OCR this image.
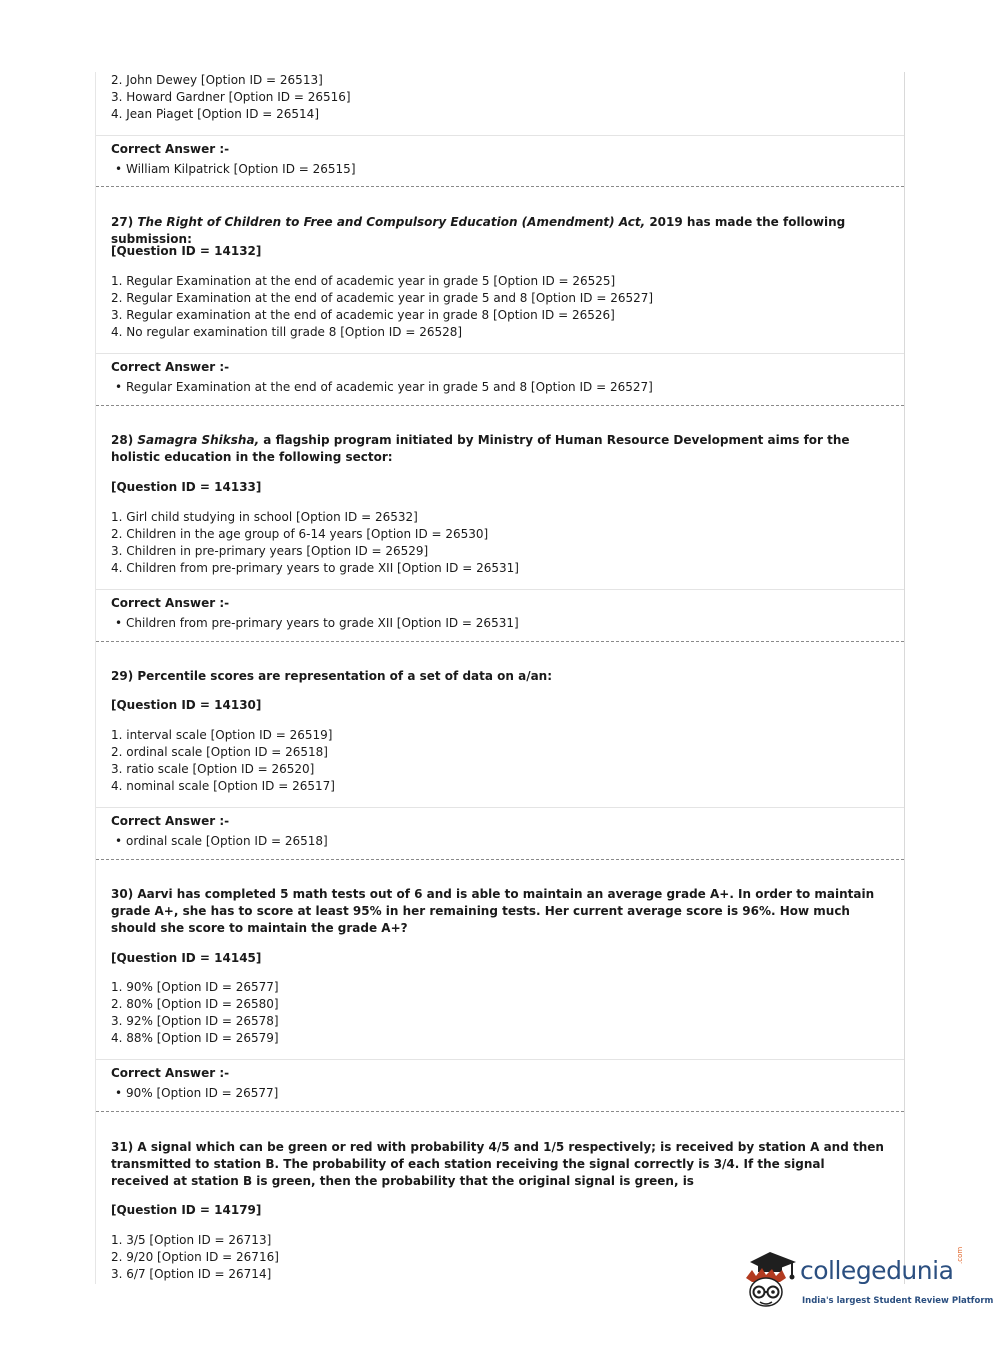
2. John Dewey [Option ID = 26513]
3. Howard Gardner [Option ID = 26516]
4. Jean Piaget [Option ID = 26514]
Correct Answer :-
• William Kilpatrick [Option ID = 26515]
27) The Right of Children to Free and Compulsory Education (Amendment) Act, 2019 has made the following submission:
[Question ID = 14132]
1. Regular Examination at the end of academic year in grade 5 [Option ID = 26525]
2. Regular Examination at the end of academic year in grade 5 and 8 [Option ID = 26527]
3. Regular examination at the end of academic year in grade 8 [Option ID = 26526]
4. No regular examination till grade 8 [Option ID = 26528]
Correct Answer :-
• Regular Examination at the end of academic year in grade 5 and 8 [Option ID = 26527]
28) Samagra Shiksha, a flagship program initiated by Ministry of Human Resource Development aims for the holistic education in the following sector:
[Question ID = 14133]
1. Girl child studying in school [Option ID = 26532]
2. Children in the age group of 6-14 years [Option ID = 26530]
3. Children in pre-primary years [Option ID = 26529]
4. Children from pre-primary years to grade XII [Option ID = 26531]
Correct Answer :-
• Children from pre-primary years to grade XII [Option ID = 26531]
29) Percentile scores are representation of a set of data on a/an:
[Question ID = 14130]
1. interval scale [Option ID = 26519]
2. ordinal scale [Option ID = 26518]
3. ratio scale [Option ID = 26520]
4. nominal scale [Option ID = 26517]
Correct Answer :-
• ordinal scale [Option ID = 26518]
30) Aarvi has completed 5 math tests out of 6 and is able to maintain an average grade A+. In order to maintain grade A+, she has to score at least 95% in her remaining tests. Her current average score is 96%. How much should she score to maintain the grade A+?
[Question ID = 14145]
1. 90% [Option ID = 26577]
2. 80% [Option ID = 26580]
3. 92% [Option ID = 26578]
4. 88% [Option ID = 26579]
Correct Answer :-
• 90% [Option ID = 26577]
31) A signal which can be green or red with probability 4/5 and 1/5 respectively; is received by station A and then transmitted to station B. The probability of each station receiving the signal correctly is 3/4. If the signal received at station B is green, then the probability that the original signal is green, is
[Question ID = 14179]
1. 3/5 [Option ID = 26713]
2. 9/20 [Option ID = 26716]
3. 6/7 [Option ID = 26714]	collegedunia
.com
India's largest Student Review Platform
